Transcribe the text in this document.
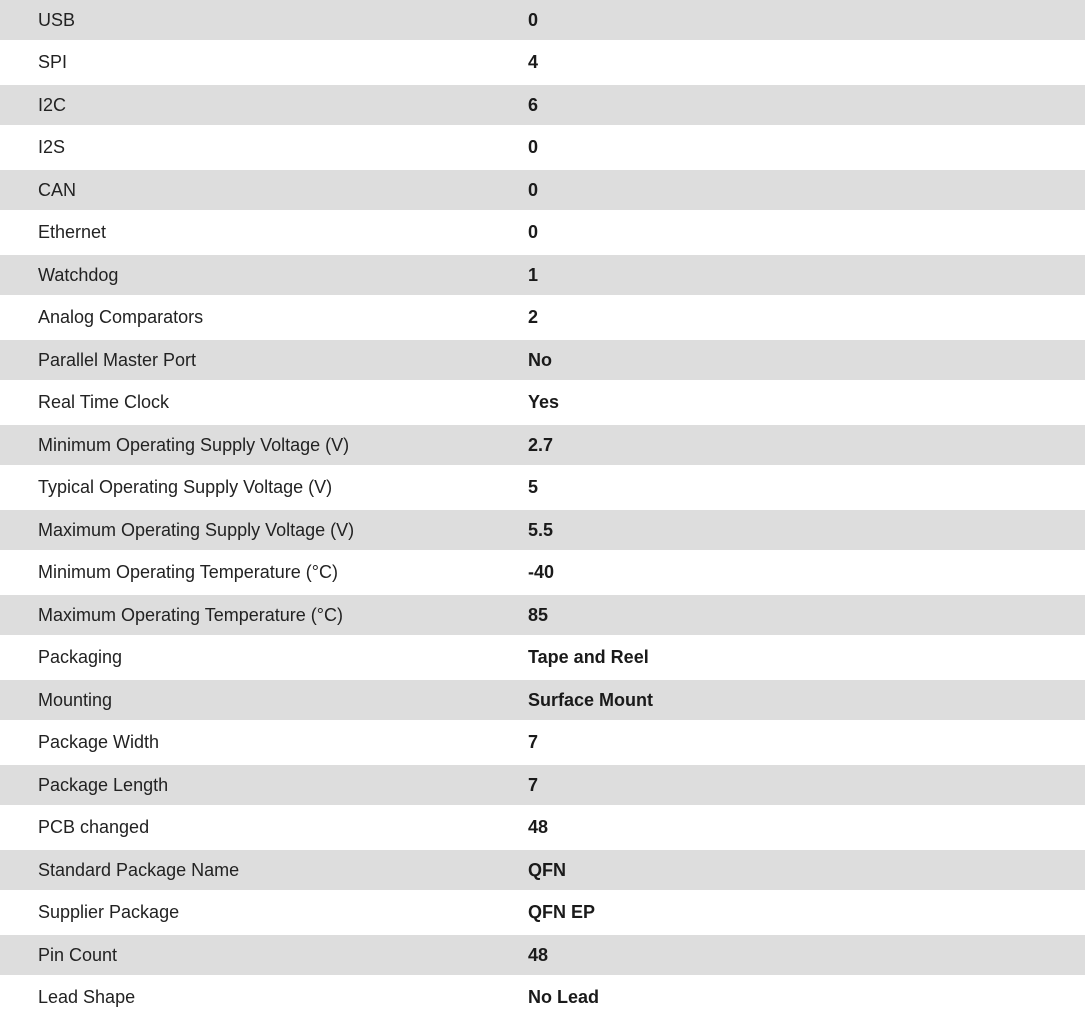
USB	0
SPI	4
I2C	6
I2S	0
CAN	0
Ethernet	0
Watchdog	1
Analog Comparators	2
Parallel Master Port	No
Real Time Clock	Yes
Minimum Operating Supply Voltage (V)	2.7
Typical Operating Supply Voltage (V)	5
Maximum Operating Supply Voltage (V)	5.5
Minimum Operating Temperature (°C)	-40
Maximum Operating Temperature (°C)	85
Packaging	Tape and Reel
Mounting	Surface Mount
Package Width	7
Package Length	7
PCB changed	48
Standard Package Name	QFN
Supplier Package	QFN EP
Pin Count	48
Lead Shape	No Lead
